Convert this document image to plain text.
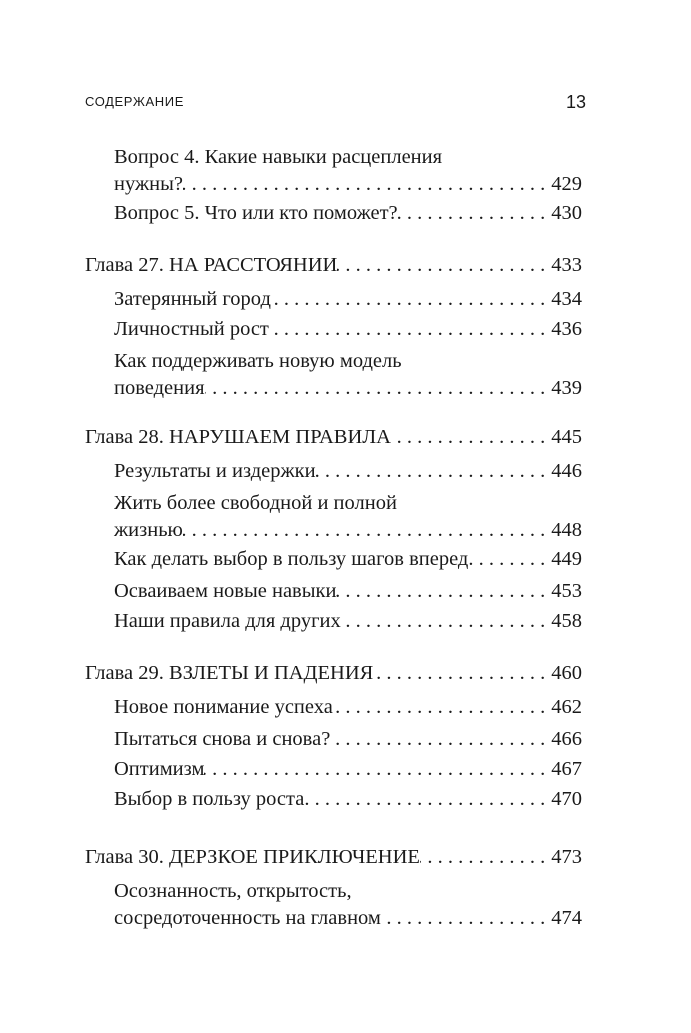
СОДЕРЖАНИЕ	13
Вопрос 4. Какие навыки расцепления
нужны? . . .	429
Вопрос 5. Что или кто поможет? . . .	430
Глава 27. НА РАССТОЯНИИ . . .	433
Затерянный город . . .	434
Личностный рост . . .	436
Как поддерживать новую модель
поведения . . .	439
Глава 28. НАРУШАЕМ ПРАВИЛА . . .	445
Результаты и издержки . . .	446
Жить более свободной и полной
жизнью . . .	448
Как делать выбор в пользу шагов вперед . . .	449
Осваиваем новые навыки . . .	453
Наши правила для других . . .	458
Глава 29. ВЗЛЕТЫ И ПАДЕНИЯ . . .	460
Новое понимание успеха . . .	462
Пытаться снова и снова? . . .	466
Оптимизм . . .	467
Выбор в пользу роста . . .	470
Глава 30. ДЕРЗКОЕ ПРИКЛЮЧЕНИЕ . . .	473
Осознанность, открытость,
сосредоточенность на главном . . .	474
